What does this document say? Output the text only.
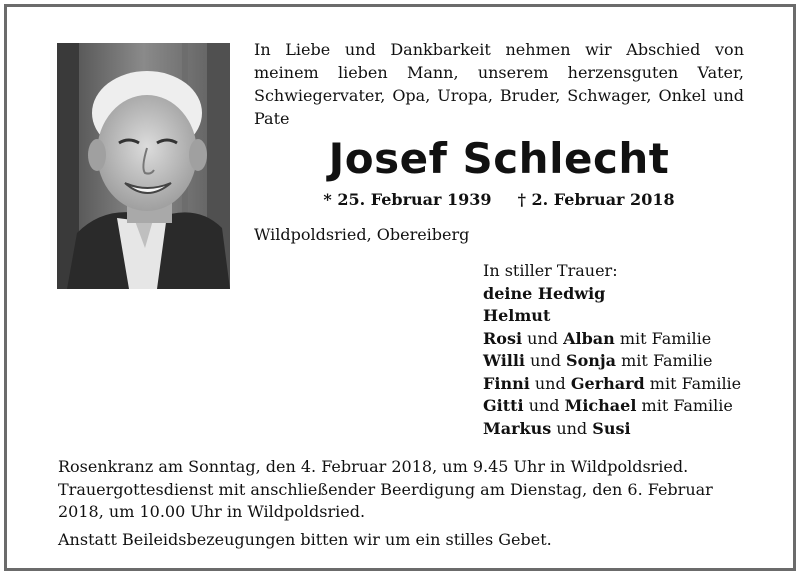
In Liebe und Dankbarkeit nehmen wir Abschied von meinem lieben Mann, unserem herzensguten Vater, Schwiegervater, Opa, Uropa, Bruder, Schwager, Onkel und Pate

Josef Schlecht

* 25. Februar 1939 † 2. Februar 2018

Wildpoldsried, Obereiberg

In stiller Trauer:
deine Hedwig
Helmut
Rosi und Alban mit Familie
Willi und Sonja mit Familie
Finni und Gerhard mit Familie
Gitti und Michael mit Familie
Markus und Susi

Rosenkranz am Sonntag, den 4. Februar 2018, um 9.45 Uhr in Wildpoldsried. Trauergottesdienst mit anschließender Beerdigung am Dienstag, den 6. Februar 2018, um 10.00 Uhr in Wildpoldsried.

Anstatt Beileidsbezeugungen bitten wir um ein stilles Gebet.
